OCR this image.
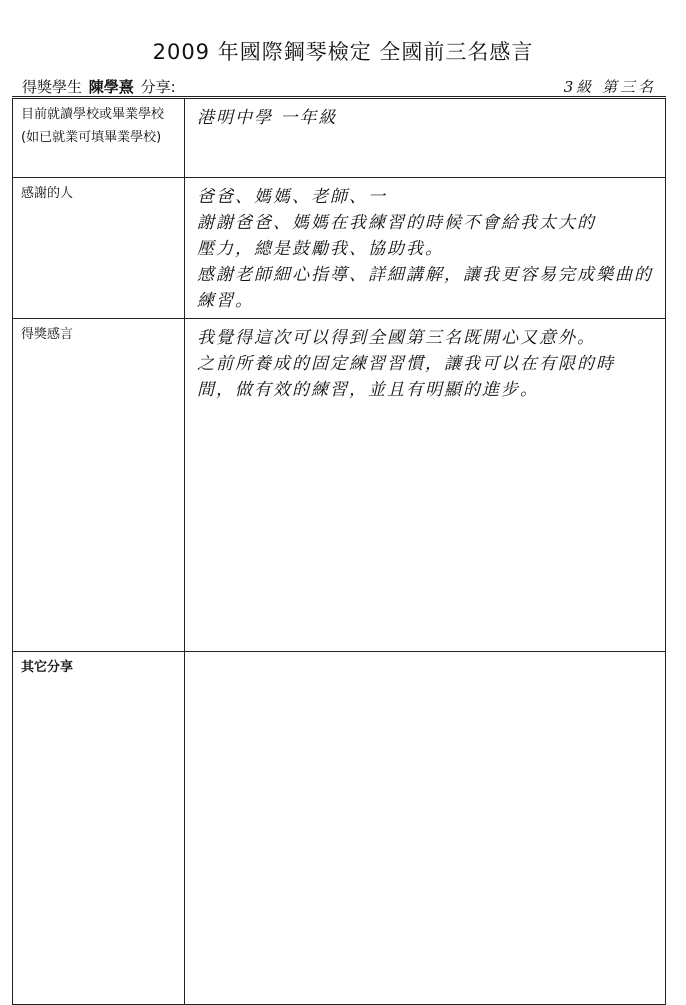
2009 年國際鋼琴檢定 全國前三名感言
得獎學生 陳學熹 分享:	3級 第三名
目前就讀學校或畢業學校(如已就業可填畢業學校)	港明中學 一年級

感謝的人	爸爸、媽媽、老師、一

謝謝爸爸、媽媽在我練習的時候不會給我太大的

壓力，總是鼓勵我、協助我。

感謝老師細心指導、詳細講解，讓我更容易完成樂曲的練習。

得獎感言	我覺得這次可以得到全國第三名既開心又意外。

之前所養成的固定練習習慣，讓我可以在有限的時

間，做有效的練習，並且有明顯的進步。

其它分享	
